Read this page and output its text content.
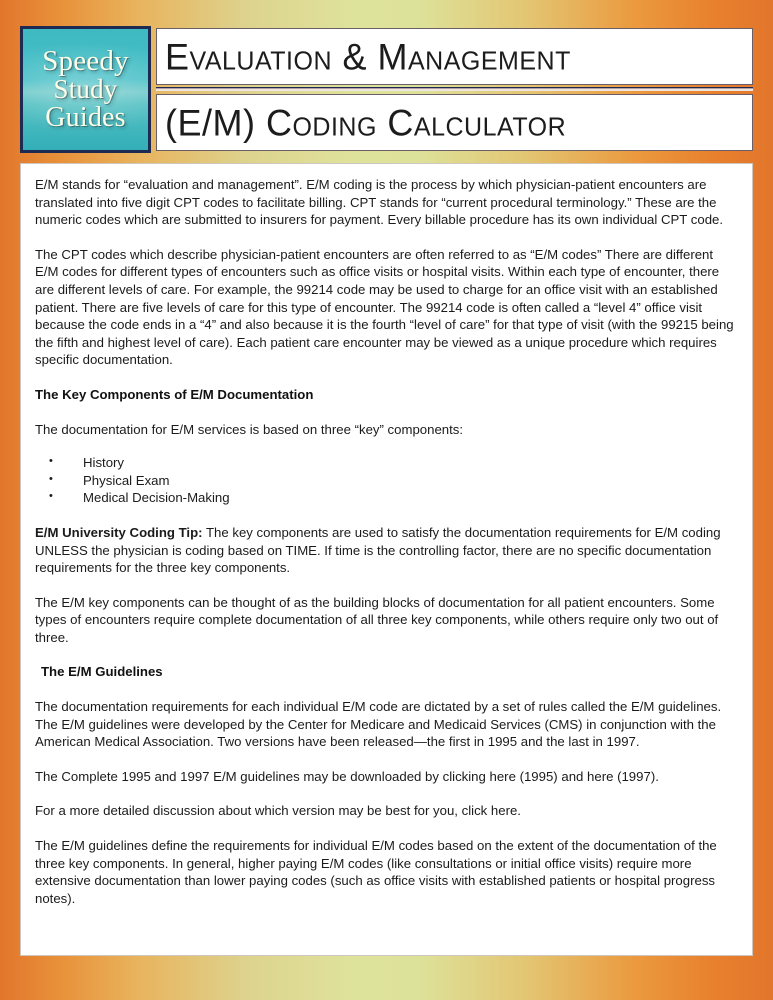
Speedy
Study
Guides
Evaluation & Management
(E/M) Coding Calculator

E/M stands for “evaluation and management”. E/M coding is the process by which physician-patient encounters are translated into five digit CPT codes to facilitate billing. CPT stands for “current procedural terminology.” These are the numeric codes which are submitted to insurers for payment. Every billable procedure has its own individual CPT code.

The CPT codes which describe physician-patient encounters are often referred to as “E/M codes” There are different E/M codes for different types of encounters such as office visits or hospital visits. Within each type of encounter, there are different levels of care. For example, the 99214 code may be used to charge for an office visit with an established patient. There are five levels of care for this type of encounter. The 99214 code is often called a “level 4” office visit because the code ends in a “4” and also because it is the fourth “level of care” for that type of visit (with the 99215 being the fifth and highest level of care). Each patient care encounter may be viewed as a unique procedure which requires specific documentation.

The Key Components of E/M Documentation

The documentation for E/M services is based on three “key” components:

• History
• Physical Exam
• Medical Decision-Making

E/M University Coding Tip: The key components are used to satisfy the documentation requirements for E/M coding UNLESS the physician is coding based on TIME. If time is the controlling factor, there are no specific documentation requirements for the three key components.

The E/M key components can be thought of as the building blocks of documentation for all patient encounters. Some types of encounters require complete documentation of all three key components, while others require only two out of three.

The E/M Guidelines

The documentation requirements for each individual E/M code are dictated by a set of rules called the E/M guidelines. The E/M guidelines were developed by the Center for Medicare and Medicaid Services (CMS) in conjunction with the American Medical Association. Two versions have been released—the first in 1995 and the last in 1997.

The Complete 1995 and 1997 E/M guidelines may be downloaded by clicking here (1995) and here (1997).

For a more detailed discussion about which version may be best for you, click here.

The E/M guidelines define the requirements for individual E/M codes based on the extent of the documentation of the three key components. In general, higher paying E/M codes (like consultations or initial office visits) require more extensive documentation than lower paying codes (such as office visits with established patients or hospital progress notes).
